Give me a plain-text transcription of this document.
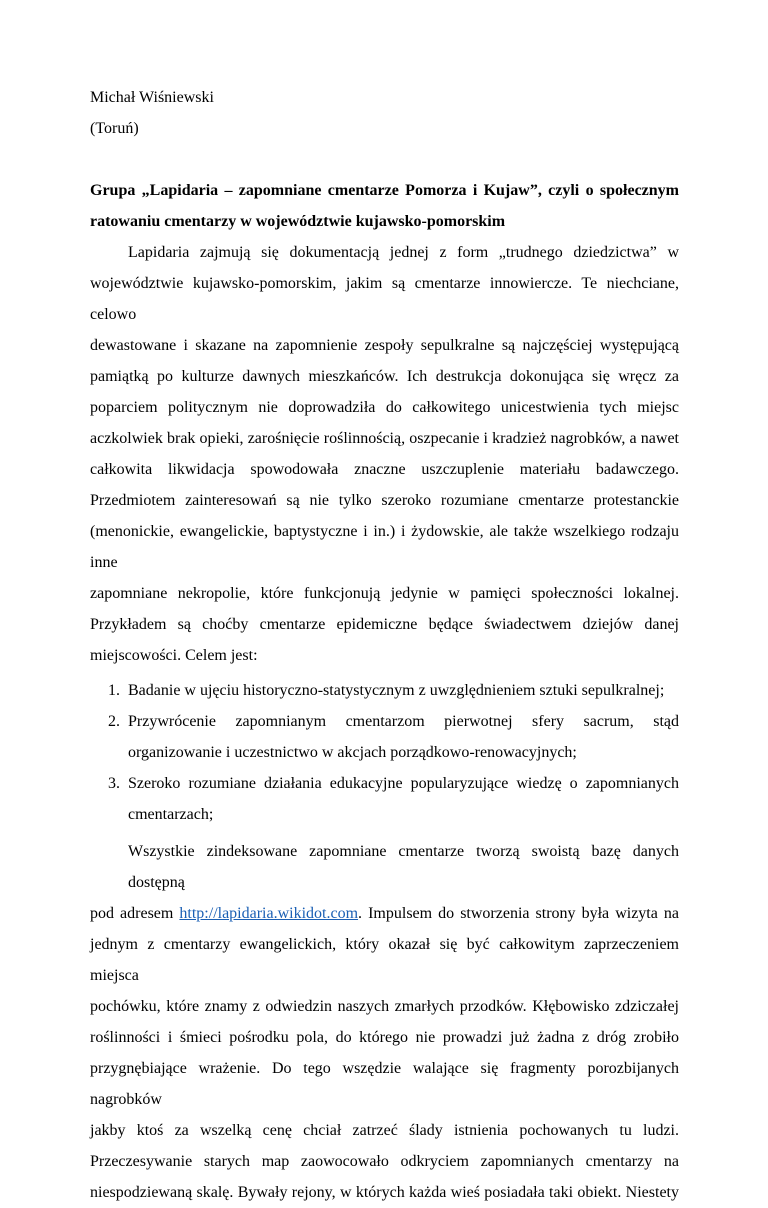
Michał Wiśniewski
(Toruń)
Grupa „Lapidaria – zapomniane cmentarze Pomorza i Kujaw”, czyli o społecznym
ratowaniu cmentarzy w województwie kujawsko-pomorskim
Lapidaria zajmują się dokumentacją jednej z form „trudnego dziedzictwa” w
województwie kujawsko-pomorskim, jakim są cmentarze innowiercze. Te niechciane, celowo
dewastowane i skazane na zapomnienie zespoły sepulkralne są najczęściej występującą
pamiątką po kulturze dawnych mieszkańców. Ich destrukcja dokonująca się wręcz za
poparciem politycznym nie doprowadziła do całkowitego unicestwienia tych miejsc
aczkolwiek brak opieki, zarośnięcie roślinnością, oszpecanie i kradzież nagrobków, a nawet
całkowita likwidacja spowodowała znaczne uszczuplenie materiału badawczego.
Przedmiotem zainteresowań są nie tylko szeroko rozumiane cmentarze protestanckie
(menonickie, ewangelickie, baptystyczne i in.) i żydowskie, ale także wszelkiego rodzaju inne
zapomniane nekropolie, które funkcjonują jedynie w pamięci społeczności lokalnej.
Przykładem są choćby cmentarze epidemiczne będące świadectwem dziejów danej
miejscowości. Celem jest:
1. Badanie w ujęciu historyczno-statystycznym z uwzględnieniem sztuki sepulkralnej;
2. Przywrócenie zapomnianym cmentarzom pierwotnej sfery sacrum, stąd
organizowanie i uczestnictwo w akcjach porządkowo-renowacyjnych;
3. Szeroko rozumiane działania edukacyjne popularyzujące wiedzę o zapomnianych
cmentarzach;
Wszystkie zindeksowane zapomniane cmentarze tworzą swoistą bazę danych dostępną
pod adresem http://lapidaria.wikidot.com. Impulsem do stworzenia strony była wizyta na
jednym z cmentarzy ewangelickich, który okazał się być całkowitym zaprzeczeniem miejsca
pochówku, które znamy z odwiedzin naszych zmarłych przodków. Kłębowisko zdziczałej
roślinności i śmieci pośrodku pola, do którego nie prowadzi już żadna z dróg zrobiło
przygnębiające wrażenie. Do tego wszędzie walające się fragmenty porozbijanych nagrobków
jakby ktoś za wszelką cenę chciał zatrzeć ślady istnienia pochowanych tu ludzi.
Przeczesywanie starych map zaowocowało odkryciem zapomnianych cmentarzy na
niespodziewaną skalę. Bywały rejony, w których każda wieś posiadała taki obiekt. Niestety
